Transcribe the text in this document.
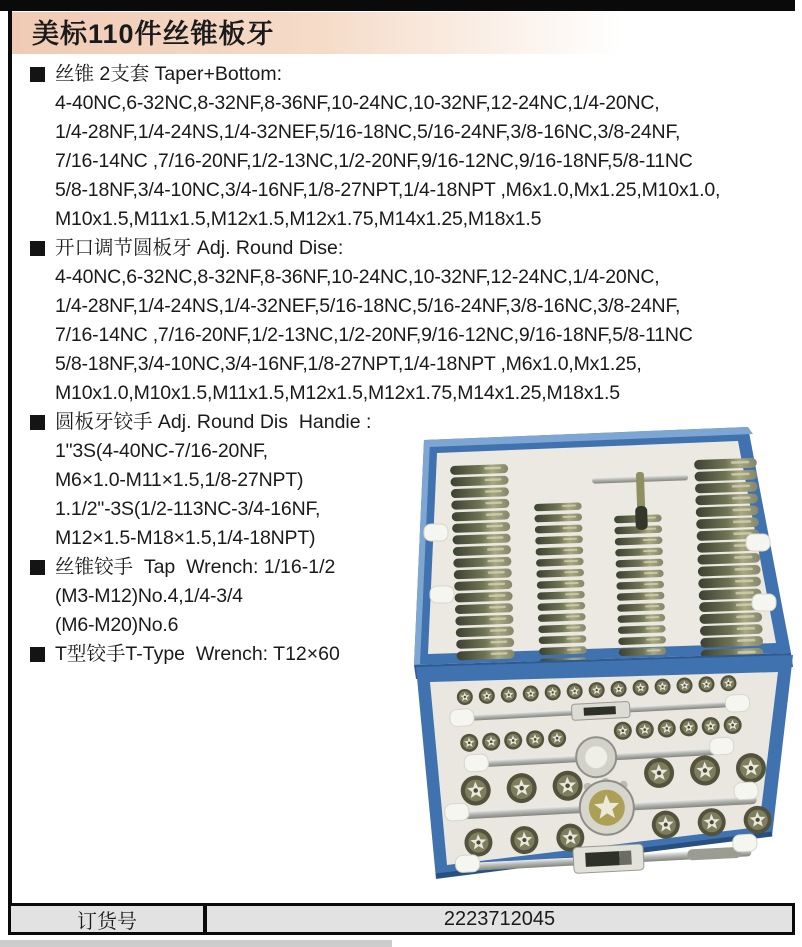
美标110件丝锥板牙
丝锥 2支套 Taper+Bottom:
4-40NC,6-32NC,8-32NF,8-36NF,10-24NC,10-32NF,12-24NC,1/4-20NC,
1/4-28NF,1/4-24NS,1/4-32NEF,5/16-18NC,5/16-24NF,3/8-16NC,3/8-24NF,
7/16-14NC ,7/16-20NF,1/2-13NC,1/2-20NF,9/16-12NC,9/16-18NF,5/8-11NC
5/8-18NF,3/4-10NC,3/4-16NF,1/8-27NPT,1/4-18NPT ,M6x1.0,Mx1.25,M10x1.0,
M10x1.5,M11x1.5,M12x1.5,M12x1.75,M14x1.25,M18x1.5
开口调节圆板牙 Adj. Round Dise:
4-40NC,6-32NC,8-32NF,8-36NF,10-24NC,10-32NF,12-24NC,1/4-20NC,
1/4-28NF,1/4-24NS,1/4-32NEF,5/16-18NC,5/16-24NF,3/8-16NC,3/8-24NF,
7/16-14NC ,7/16-20NF,1/2-13NC,1/2-20NF,9/16-12NC,9/16-18NF,5/8-11NC
5/8-18NF,3/4-10NC,3/4-16NF,1/8-27NPT,1/4-18NPT ,M6x1.0,Mx1.25,
M10x1.0,M10x1.5,M11x1.5,M12x1.5,M12x1.75,M14x1.25,M18x1.5
圆板牙铰手 Adj. Round Dis  Handie :
1"3S(4-40NC-7/16-20NF,
M6×1.0-M11×1.5,1/8-27NPT)
1.1/2"-3S(1/2-113NC-3/4-16NF,
M12×1.5-M18×1.5,1/4-18NPT)
丝锥铰手  Tap  Wrench: 1/16-1/2
(M3-M12)No.4,1/4-3/4
(M6-M20)No.6
T型铰手T-Type  Wrench: T12×60
订货号	2223712045
